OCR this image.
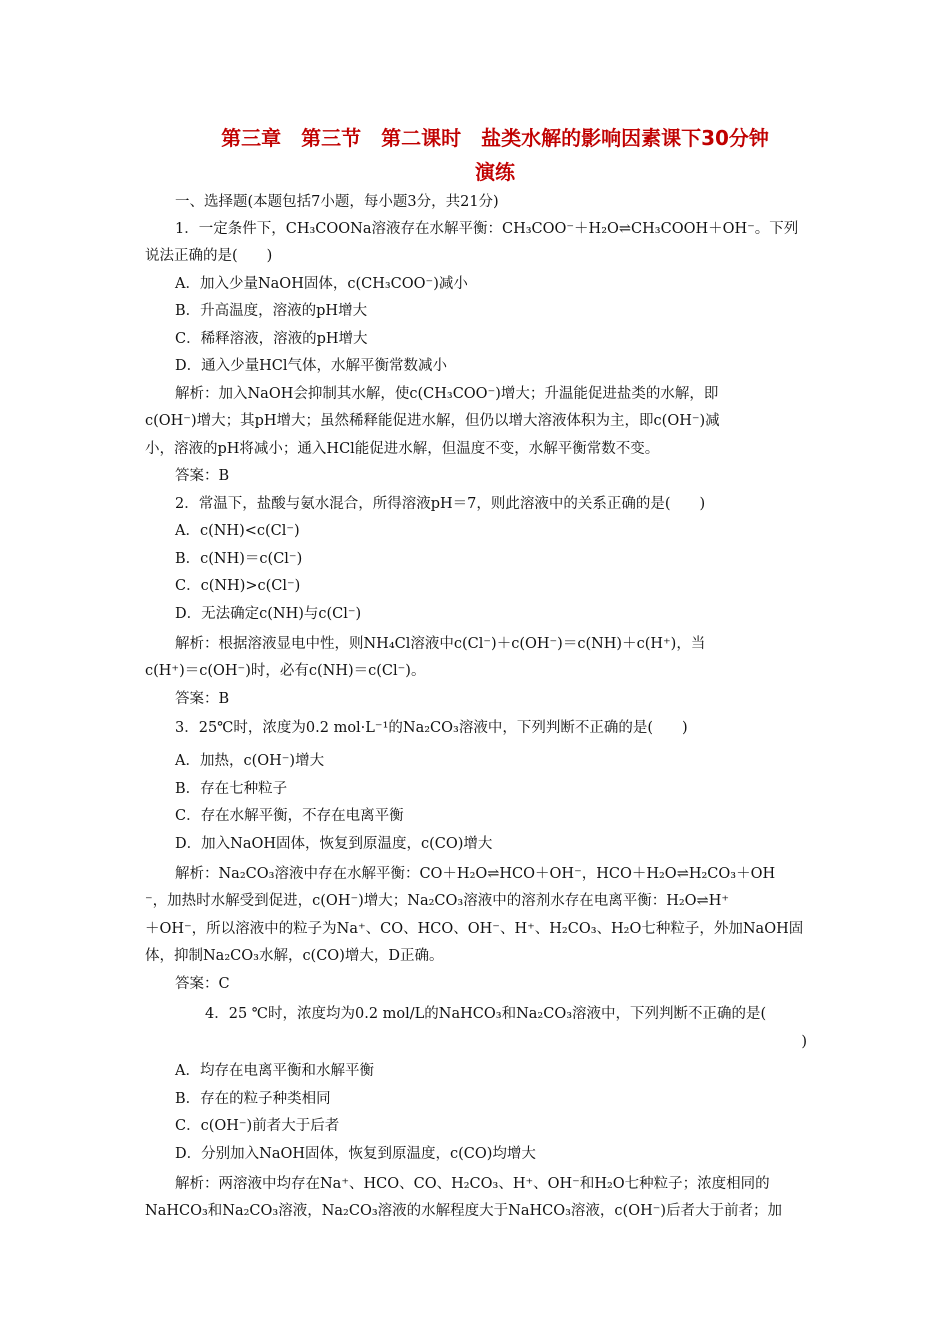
第三章　第三节　第二课时　盐类水解的影响因素课下30分钟
演练
一、选择题(本题包括7小题，每小题3分，共21分)
1．一定条件下，CH₃COONa溶液存在水解平衡：CH₃COO⁻＋H₂O⇌CH₃COOH＋OH⁻。下列
说法正确的是(　　)
A．加入少量NaOH固体，c(CH₃COO⁻)减小
B．升高温度，溶液的pH增大
C．稀释溶液，溶液的pH增大
D．通入少量HCl气体，水解平衡常数减小
解析：加入NaOH会抑制其水解，使c(CH₃COO⁻)增大；升温能促进盐类的水解，即
c(OH⁻)增大；其pH增大；虽然稀释能促进水解，但仍以增大溶液体积为主，即c(OH⁻)减
小，溶液的pH将减小；通入HCl能促进水解，但温度不变，水解平衡常数不变。
答案：B
2．常温下，盐酸与氨水混合，所得溶液pH＝7，则此溶液中的关系正确的是(　　)
A．c(NH)<c(Cl⁻)
B．c(NH)＝c(Cl⁻)
C．c(NH)>c(Cl⁻)
D．无法确定c(NH)与c(Cl⁻)
解析：根据溶液显电中性，则NH₄Cl溶液中c(Cl⁻)＋c(OH⁻)＝c(NH)＋c(H⁺)，当
c(H⁺)＝c(OH⁻)时，必有c(NH)＝c(Cl⁻)。
答案：B
3．25℃时，浓度为0.2 mol·L⁻¹的Na₂CO₃溶液中，下列判断不正确的是(　　)
A．加热，c(OH⁻)增大
B．存在七种粒子
C．存在水解平衡，不存在电离平衡
D．加入NaOH固体，恢复到原温度，c(CO)增大
解析：Na₂CO₃溶液中存在水解平衡：CO＋H₂O⇌HCO＋OH⁻，HCO＋H₂O⇌H₂CO₃＋OH
⁻，加热时水解受到促进，c(OH⁻)增大；Na₂CO₃溶液中的溶剂水存在电离平衡：H₂O⇌H⁺
＋OH⁻，所以溶液中的粒子为Na⁺、CO、HCO、OH⁻、H⁺、H₂CO₃、H₂O七种粒子，外加NaOH固
体，抑制Na₂CO₃水解，c(CO)增大，D正确。
答案：C
4．25 ℃时，浓度均为0.2 mol/L的NaHCO₃和Na₂CO₃溶液中，下列判断不正确的是(
)
A．均存在电离平衡和水解平衡
B．存在的粒子种类相同
C．c(OH⁻)前者大于后者
D．分别加入NaOH固体，恢复到原温度，c(CO)均增大
解析：两溶液中均存在Na⁺、HCO、CO、H₂CO₃、H⁺、OH⁻和H₂O七种粒子；浓度相同的
NaHCO₃和Na₂CO₃溶液，Na₂CO₃溶液的水解程度大于NaHCO₃溶液，c(OH⁻)后者大于前者；加
